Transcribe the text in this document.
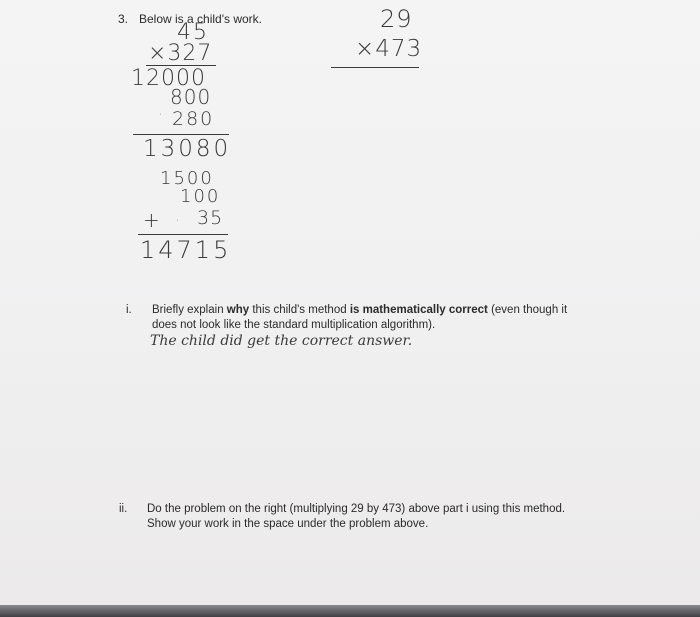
3. Below is a child's work.
45
×327
12000
800
, 280
13080
1500
100
+ , 35
14715
29
×473
i. Briefly explain why this child's method is mathematically correct (even though it
does not look like the standard multiplication algorithm).
The child did get the correct answer.
ii. Do the problem on the right (multiplying 29 by 473) above part i using this method.
Show your work in the space under the problem above.
